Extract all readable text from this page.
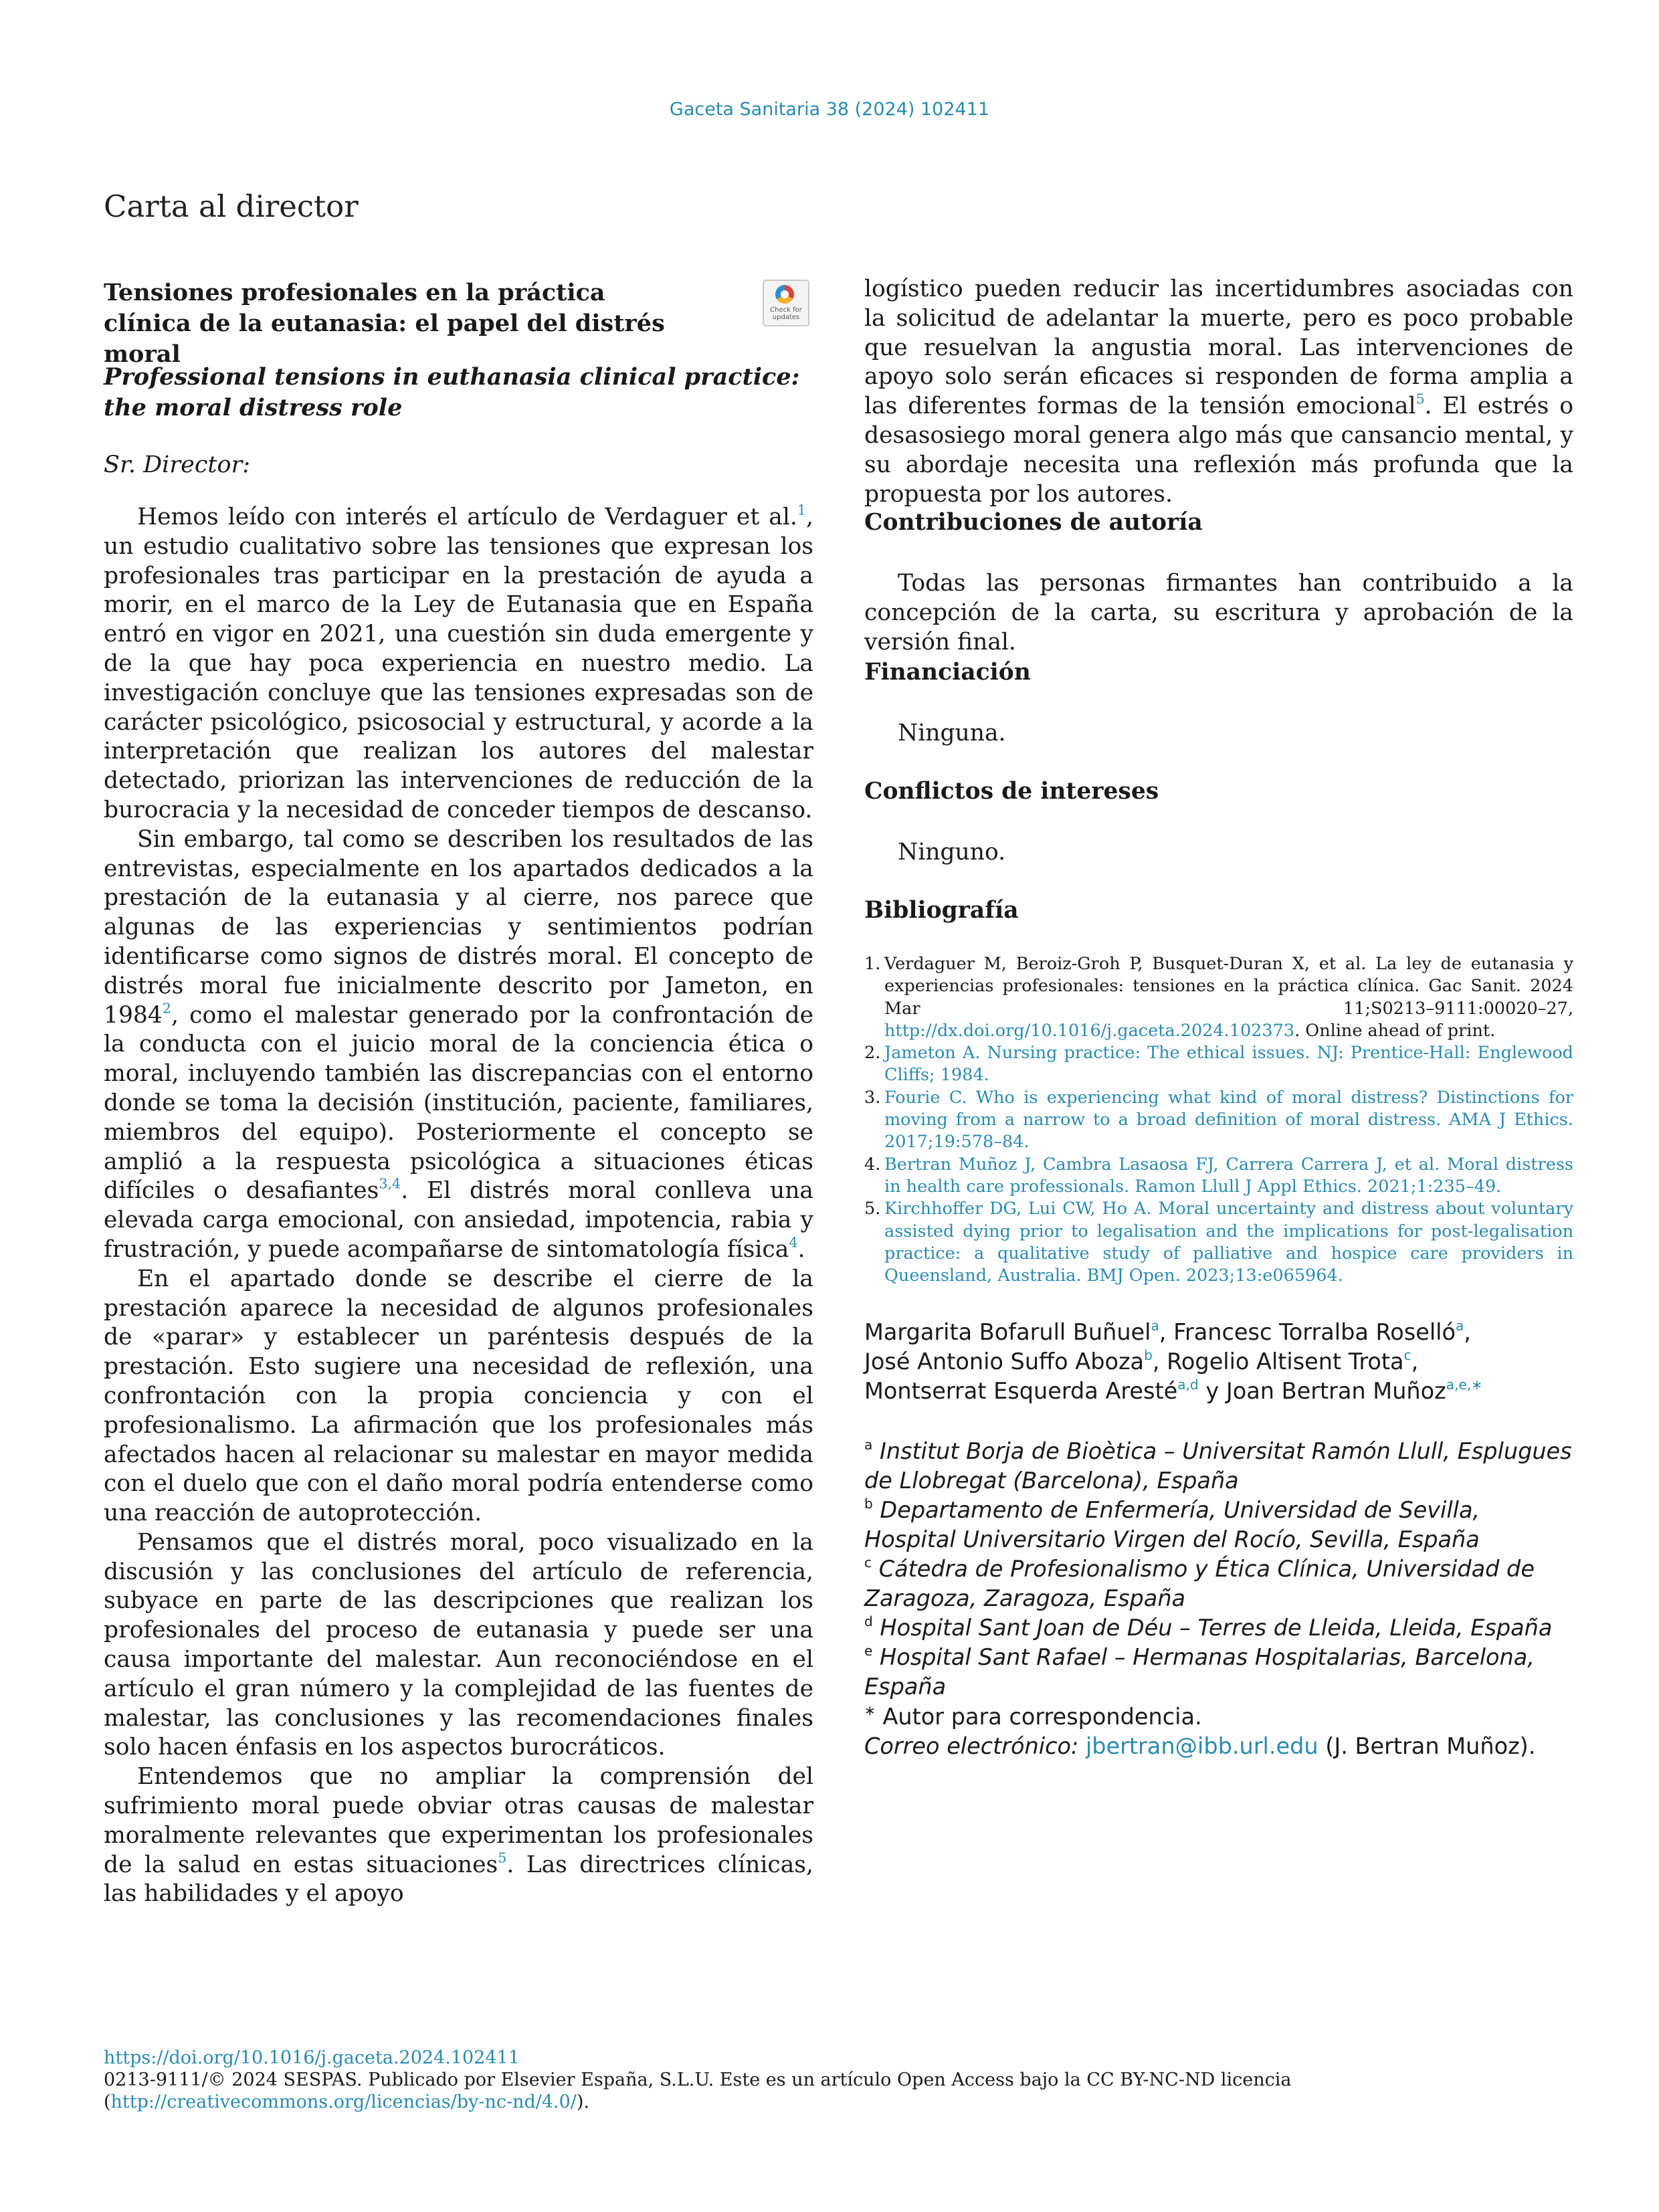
Gaceta Sanitaria 38 (2024) 102411
Carta al director
Tensiones profesionales en la práctica clínica de la eutanasia: el papel del distrés moral
Check for updates
Professional tensions in euthanasia clinical practice: the moral distress role
Sr. Director:

Hemos leído con interés el artículo de Verdaguer et al.$^1$, un estudio cualitativo sobre las tensiones que expresan los profesionales tras participar en la prestación de ayuda a morir, en el marco de la Ley de Eutanasia que en España entró en vigor en 2021, una cuestión sin duda emergente y de la que hay poca experiencia en nuestro medio. La investigación concluye que las tensiones expresadas son de carácter psicológico, psicosocial y estructural, y acorde a la interpretación que realizan los autores del malestar detectado, priorizan las intervenciones de reducción de la burocracia y la necesidad de conceder tiempos de descanso.

Sin embargo, tal como se describen los resultados de las entrevistas, especialmente en los apartados dedicados a la prestación de la eutanasia y al cierre, nos parece que algunas de las experiencias y sentimientos podrían identificarse como signos de distrés moral. El concepto de distrés moral fue inicialmente descrito por Jameton, en 1984$^2$, como el malestar generado por la confrontación de la conducta con el juicio moral de la conciencia ética o moral, incluyendo también las discrepancias con el entorno donde se toma la decisión (institución, paciente, familiares, miembros del equipo). Posteriormente el concepto se amplió a la respuesta psicológica a situaciones éticas difíciles o desafiantes$^{3,4}$. El distrés moral conlleva una elevada carga emocional, con ansiedad, impotencia, rabia y frustración, y puede acompañarse de sintomatología física$^4$.

En el apartado donde se describe el cierre de la prestación aparece la necesidad de algunos profesionales de «parar» y establecer un paréntesis después de la prestación. Esto sugiere una necesidad de reflexión, una confrontación con la propia conciencia y con el profesionalismo. La afirmación que los profesionales más afectados hacen al relacionar su malestar en mayor medida con el duelo que con el daño moral podría entenderse como una reacción de autoprotección.

Pensamos que el distrés moral, poco visualizado en la discusión y las conclusiones del artículo de referencia, subyace en parte de las descripciones que realizan los profesionales del proceso de eutanasia y puede ser una causa importante del malestar. Aun reconociéndose en el artículo el gran número y la complejidad de las fuentes de malestar, las conclusiones y las recomendaciones finales solo hacen énfasis en los aspectos burocráticos.

Entendemos que no ampliar la comprensión del sufrimiento moral puede obviar otras causas de malestar moralmente relevantes que experimentan los profesionales de la salud en estas situaciones$^5$. Las directrices clínicas, las habilidades y el apoyo

logístico pueden reducir las incertidumbres asociadas con la solicitud de adelantar la muerte, pero es poco probable que resuelvan la angustia moral. Las intervenciones de apoyo solo serán eficaces si responden de forma amplia a las diferentes formas de la tensión emocional$^5$. El estrés o desasosiego moral genera algo más que cansancio mental, y su abordaje necesita una reflexión más profunda que la propuesta por los autores.

Contribuciones de autoría
Todas las personas firmantes han contribuido a la concepción de la carta, su escritura y aprobación de la versión final.
Financiación
Ninguna.
Conflictos de intereses
Ninguno.
Bibliografía
1. Verdaguer M, Beroiz-Groh P, Busquet-Duran X, et al. La ley de eutanasia y experiencias profesionales: tensiones en la práctica clínica. Gac Sanit. 2024 Mar 11;S0213–9111:00020–27, http://dx.doi.org/10.1016/j.gaceta.2024.102373. Online ahead of print.
2. Jameton A. Nursing practice: The ethical issues. NJ: Prentice-Hall: Englewood Cliffs; 1984.
3. Fourie C. Who is experiencing what kind of moral distress? Distinctions for moving from a narrow to a broad definition of moral distress. AMA J Ethics. 2017;19:578–84.
4. Bertran Muñoz J, Cambra Lasaosa FJ, Carrera Carrera J, et al. Moral distress in health care professionals. Ramon Llull J Appl Ethics. 2021;1:235–49.
5. Kirchhoffer DG, Lui CW, Ho A. Moral uncertainty and distress about voluntary assisted dying prior to legalisation and the implications for post-legalisation practice: a qualitative study of palliative and hospice care providers in Queensland, Australia. BMJ Open. 2023;13:e065964.
Margarita Bofarull Buñuel$^a$, Francesc Torralba Roselló$^a$,
José Antonio Suffo Aboza$^b$, Rogelio Altisent Trota$^c$,
Montserrat Esquerda Aresté$^{a,d}$ y Joan Bertran Muñoz$^{a,e,∗}$
$^a$ Institut Borja de Bioètica – Universitat Ramón Llull, Esplugues de Llobregat (Barcelona), España
$^b$ Departamento de Enfermería, Universidad de Sevilla, Hospital Universitario Virgen del Rocío, Sevilla, España
$^c$ Cátedra de Profesionalismo y Ética Clínica, Universidad de Zaragoza, Zaragoza, España
$^d$ Hospital Sant Joan de Déu – Terres de Lleida, Lleida, España
$^e$ Hospital Sant Rafael – Hermanas Hospitalarias, Barcelona, España
∗ Autor para correspondencia.
Correo electrónico: jbertran@ibb.url.edu (J. Bertran Muñoz).
https://doi.org/10.1016/j.gaceta.2024.102411
0213-9111/© 2024 SESPAS. Publicado por Elsevier España, S.L.U. Este es un artículo Open Access bajo la CC BY-NC-ND licencia (http://creativecommons.org/licencias/by-nc-nd/4.0/).
